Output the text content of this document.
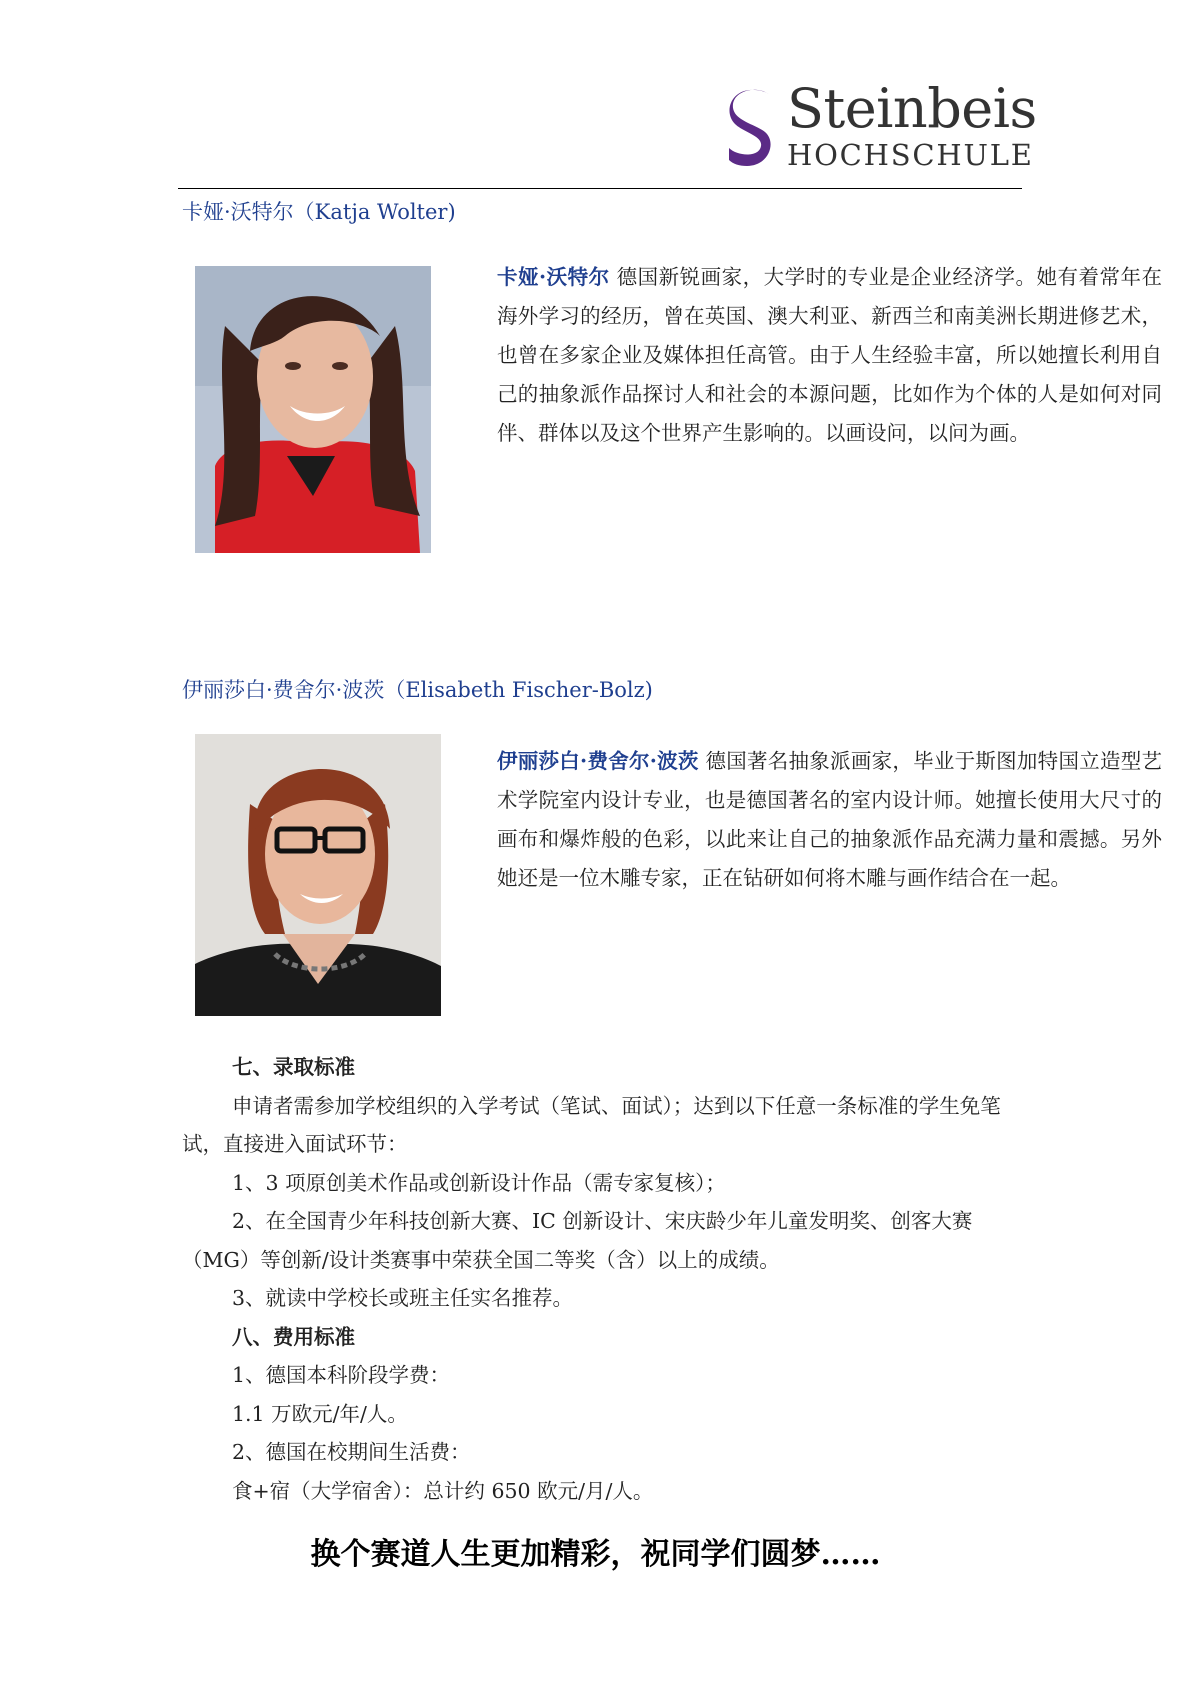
Steinbeis
HOCHSCHULE
卡娅·沃特尔（Katja Wolter)
卡娅·沃特尔 德国新锐画家，大学时的专业是企业经济学。她有着常年在海外学习的经历，曾在英国、澳大利亚、新西兰和南美洲长期进修艺术，也曾在多家企业及媒体担任高管。由于人生经验丰富，所以她擅长利用自己的抽象派作品探讨人和社会的本源问题，比如作为个体的人是如何对同伴、群体以及这个世界产生影响的。以画设问，以问为画。
伊丽莎白·费舍尔·波茨（Elisabeth Fischer-Bolz)
伊丽莎白·费舍尔·波茨 德国著名抽象派画家，毕业于斯图加特国立造型艺术学院室内设计专业，也是德国著名的室内设计师。她擅长使用大尺寸的画布和爆炸般的色彩，以此来让自己的抽象派作品充满力量和震撼。另外她还是一位木雕专家，正在钻研如何将木雕与画作结合在一起。

七、录取标准

申请者需参加学校组织的入学考试（笔试、面试）；达到以下任意一条标准的学生免笔试，直接进入面试环节：

1、3 项原创美术作品或创新设计作品（需专家复核）；

2、在全国青少年科技创新大赛、IC 创新设计、宋庆龄少年儿童发明奖、创客大赛（MG）等创新/设计类赛事中荣获全国二等奖（含）以上的成绩。

3、就读中学校长或班主任实名推荐。

八、费用标准

1、德国本科阶段学费：

1.1 万欧元/年/人。

2、德国在校期间生活费：

食+宿（大学宿舍）：总计约 650 欧元/月/人。

换个赛道人生更加精彩，祝同学们圆梦……
